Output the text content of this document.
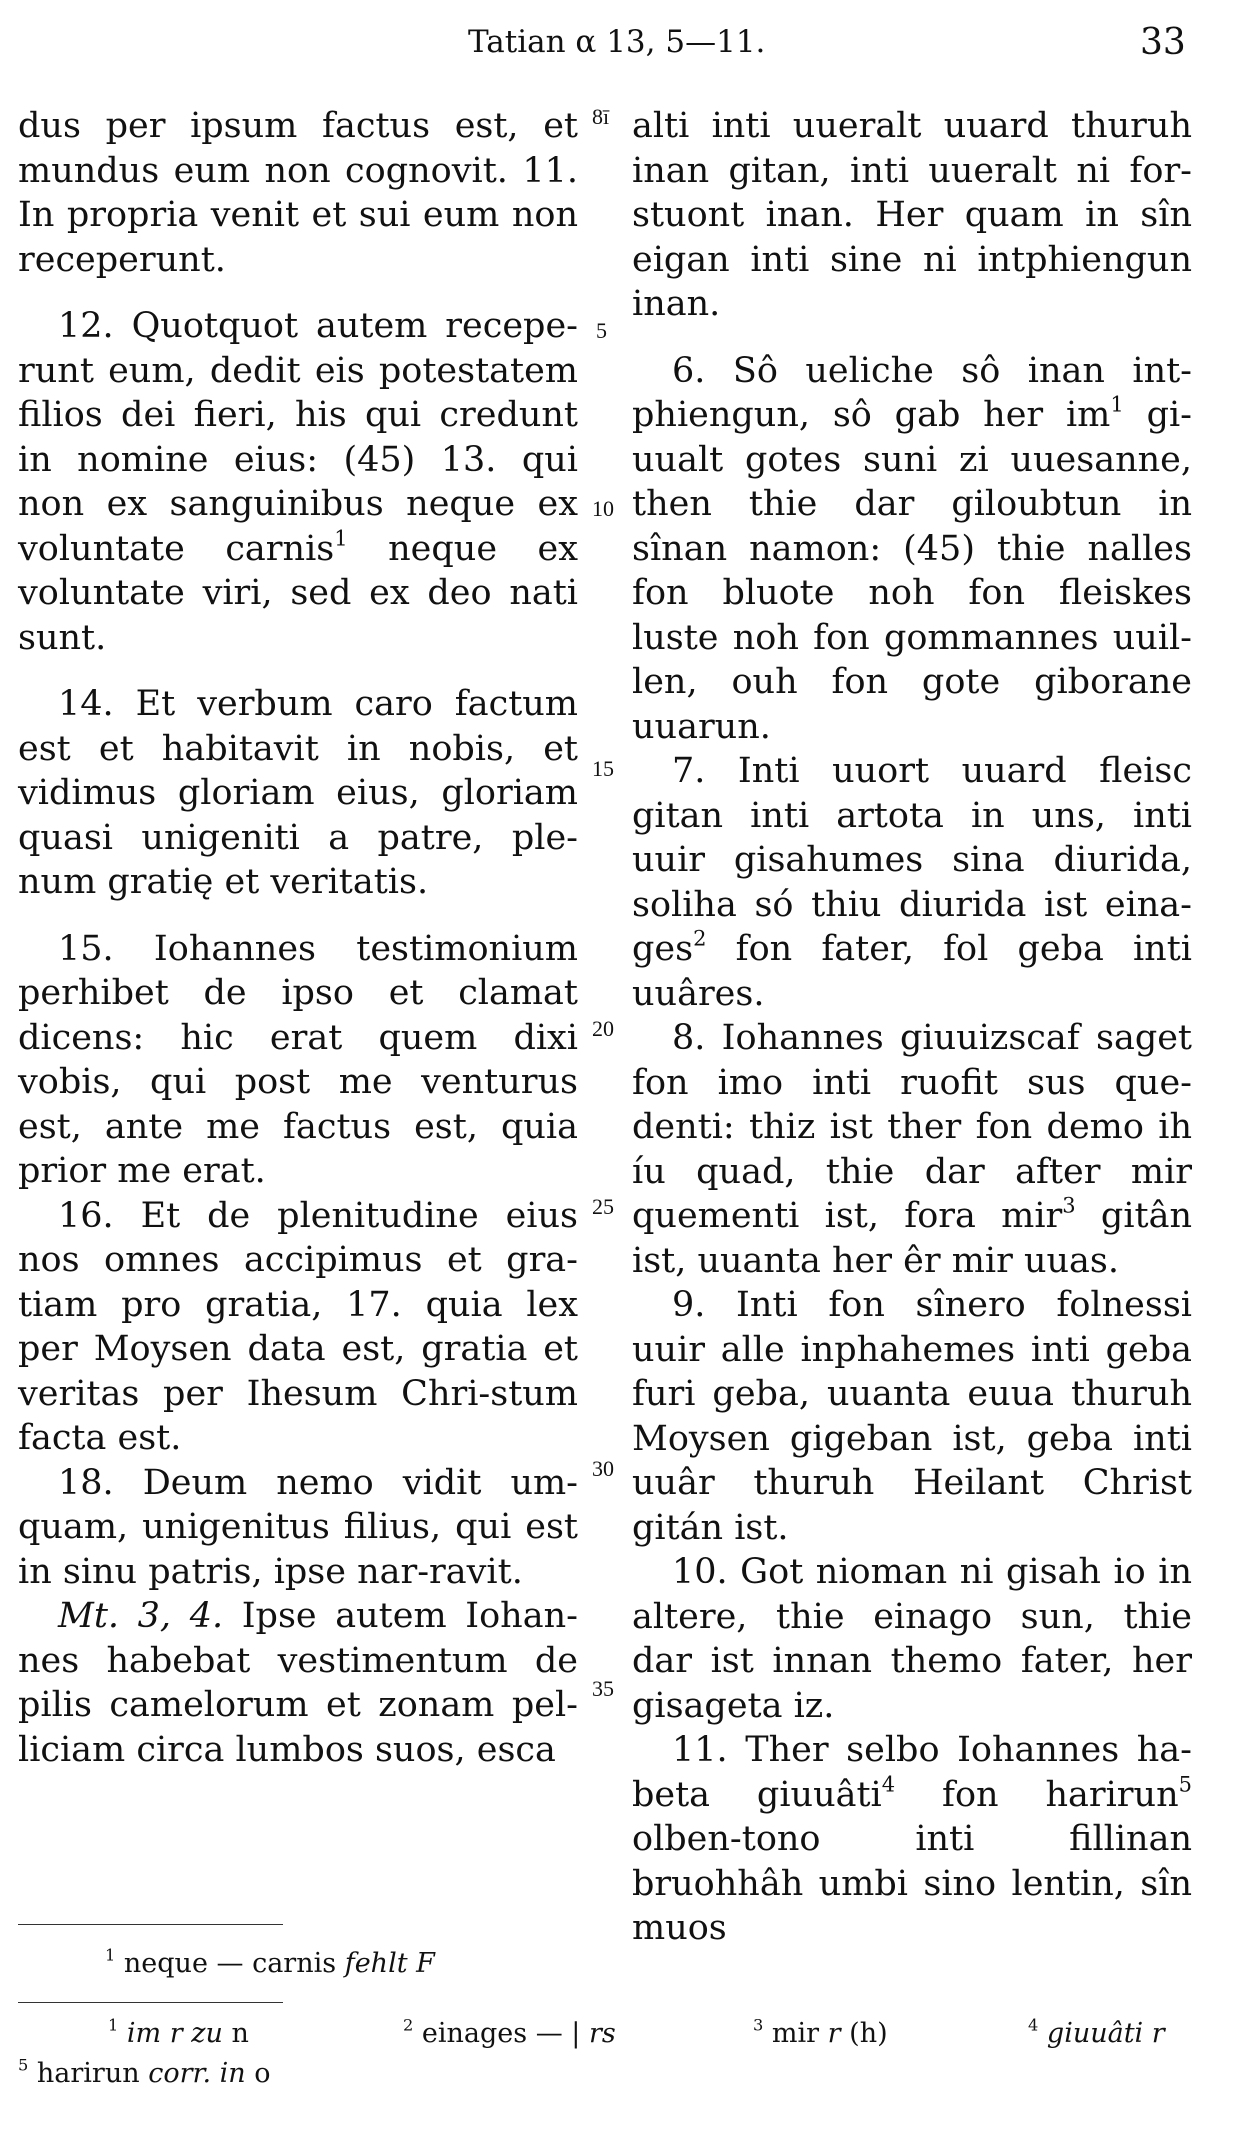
Tatian α 13, 5—11.	33

dus per ipsum factus est, et mundus eum non cognovit. 11. In propria venit et sui eum non receperunt.

12. Quotquot autem recepe-runt eum, dedit eis potestatem filios dei fieri, his qui credunt in nomine eius: (45) 13. qui non ex sanguinibus neque ex voluntate carnis$^1$ neque ex voluntate viri, sed ex deo nati sunt.

14. Et verbum caro factum est et habitavit in nobis, et vidimus gloriam eius, gloriam quasi unigeniti a patre, ple-num gratię et veritatis.

15. Iohannes testimonium perhibet de ipso et clamat dicens: hic erat quem dixi vobis, qui post me venturus est, ante me factus est, quia prior me erat.

16. Et de plenitudine eius nos omnes accipimus et gra-tiam pro gratia, 17. quia lex per Moysen data est, gratia et veritas per Ihesum Chri-stum facta est.

18. Deum nemo vidit um-quam, unigenitus filius, qui est in sinu patris, ipse nar-ravit.

Mt. 3, 4. Ipse autem Iohan-nes habebat vestimentum de pilis camelorum et zonam pel-liciam circa lumbos suos, esca

8ī
5
10
15
20
25
30
35

alti inti uueralt uuard thuruh inan gitan, inti uueralt ni for-stuont inan. Her quam in sîn eigan inti sine ni intphiengun inan.

6. Sô ueliche sô inan int-phiengun, sô gab her $im^1$ gi-uualt gotes suni zi uuesanne, then thie dar giloubtun in sînan namon: (45) thie nalles fon bluote noh fon fleiskes luste noh fon gommannes uuil-len, ouh fon gote giborane uuarun.

7. Inti uuort uuard fleisc gitan inti artota in uns, inti uuir gisahumes sina diurida, soliha só thiu diurida ist eina-ges$^2$ fon fater, fol geba inti uuâres.

8. Iohannes giuuizscaf saget fon imo inti ruofit sus que-denti: thiz ist ther fon demo ih íu quad, thie dar after mir quementi ist, fora mir$^3$ gitân ist, uuanta her êr mir uuas.

9. Inti fon sînero folnessi uuir alle inphahemes inti geba furi geba, uuanta euua thuruh Moysen gigeban ist, geba inti uuâr thuruh Heilant Christ gitán ist.

10. Got nioman ni gisah io in altere, thie einago sun, thie dar ist innan themo fater, her gisageta iz.

11. Ther selbo Iohannes ha-beta giuuâti$^4$ fon harirun$^5$ olben-tono inti fillinan bruohhâh umbi sino lentin, sîn muos

$^1$ neque — carnis fehlt F
$^1$ im r zu n	$^2$ einages — | rs	$^3$ mir r (h)	$^4$ giuuâti r
$^5$ harirun corr. in o
